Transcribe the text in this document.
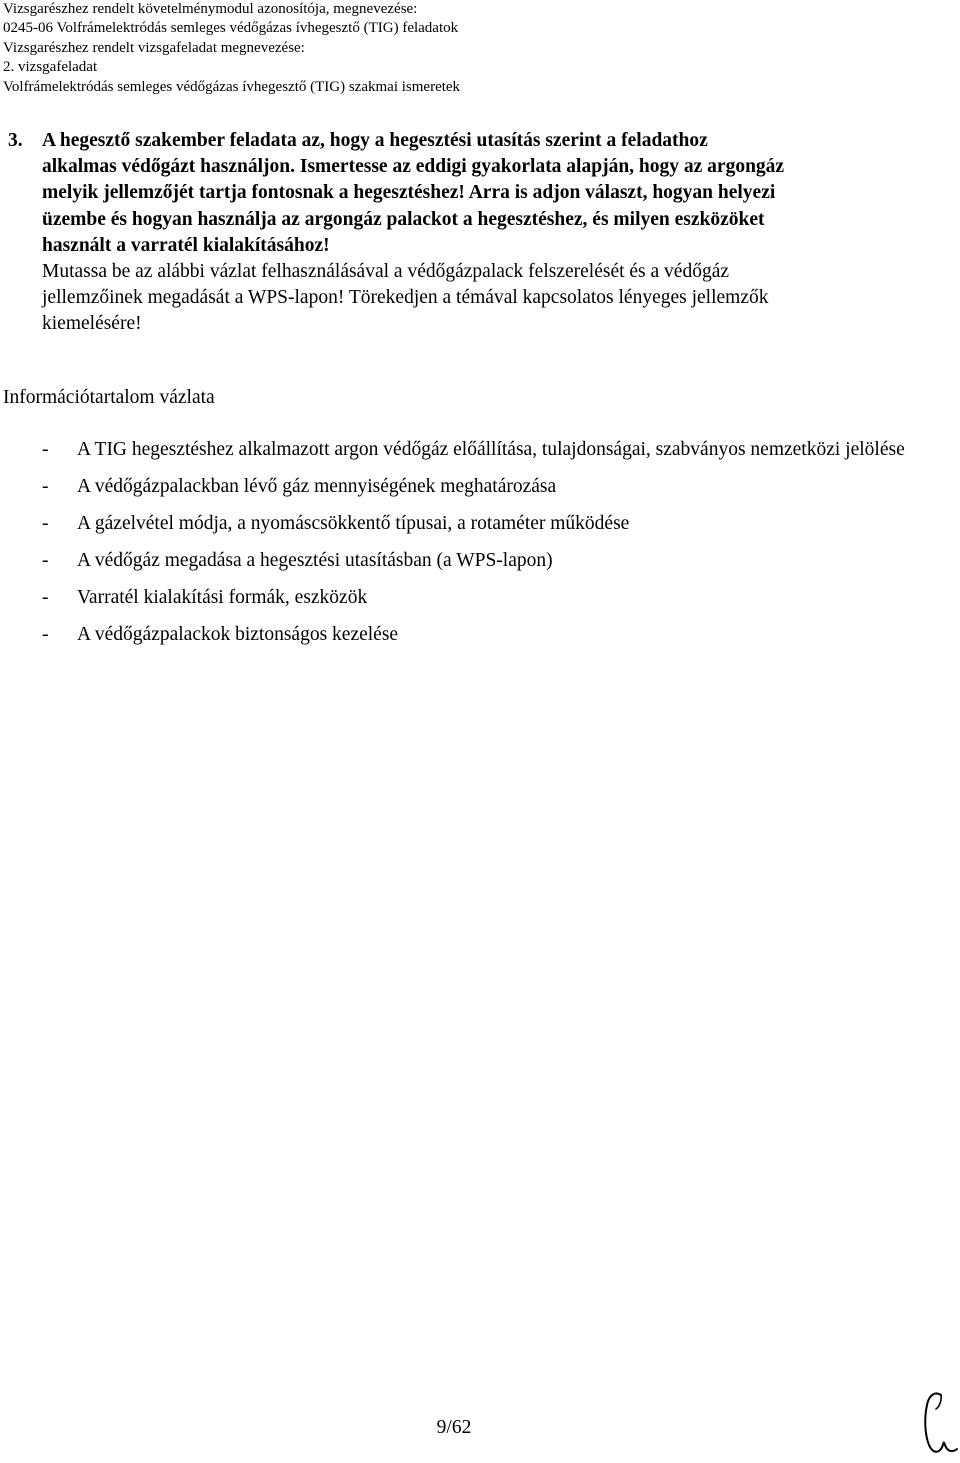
Vizsgarészhez rendelt követelménymodul azonosítója, megnevezése:
0245-06 Volfrámelektródás semleges védőgázas ívhegesztő (TIG) feladatok
Vizsgarészhez rendelt vizsgafeladat megnevezése:
2. vizsgafeladat
Volfrámelektródás semleges védőgázas ívhegesztő (TIG) szakmai ismeretek
3. A hegesztő szakember feladata az, hogy a hegesztési utasítás szerint a feladathoz

alkalmas védőgázt használjon. Ismertesse az eddigi gyakorlata alapján, hogy az argongáz

melyik jellemzőjét tartja fontosnak a hegesztéshez! Arra is adjon választ, hogyan helyezi

üzembe és hogyan használja az argongáz palackot a hegesztéshez, és milyen eszközöket

használt a varratél kialakításához!

Mutassa be az alábbi vázlat felhasználásával a védőgázpalack felszerelését és a védőgáz

jellemzőinek megadását a WPS-lapon! Törekedjen a témával kapcsolatos lényeges jellemzők

kiemelésére!

Információtartalom vázlata
-	A TIG hegesztéshez alkalmazott argon védőgáz előállítása, tulajdonságai, szabványos nemzetközi jelölése
-	A védőgázpalackban lévő gáz mennyiségének meghatározása
-	A gázelvétel módja, a nyomáscsökkentő típusai, a rotaméter működése
-	A védőgáz megadása a hegesztési utasításban (a WPS-lapon)
-	Varratél kialakítási formák, eszközök
-	A védőgázpalackok biztonságos kezelése
9/62
